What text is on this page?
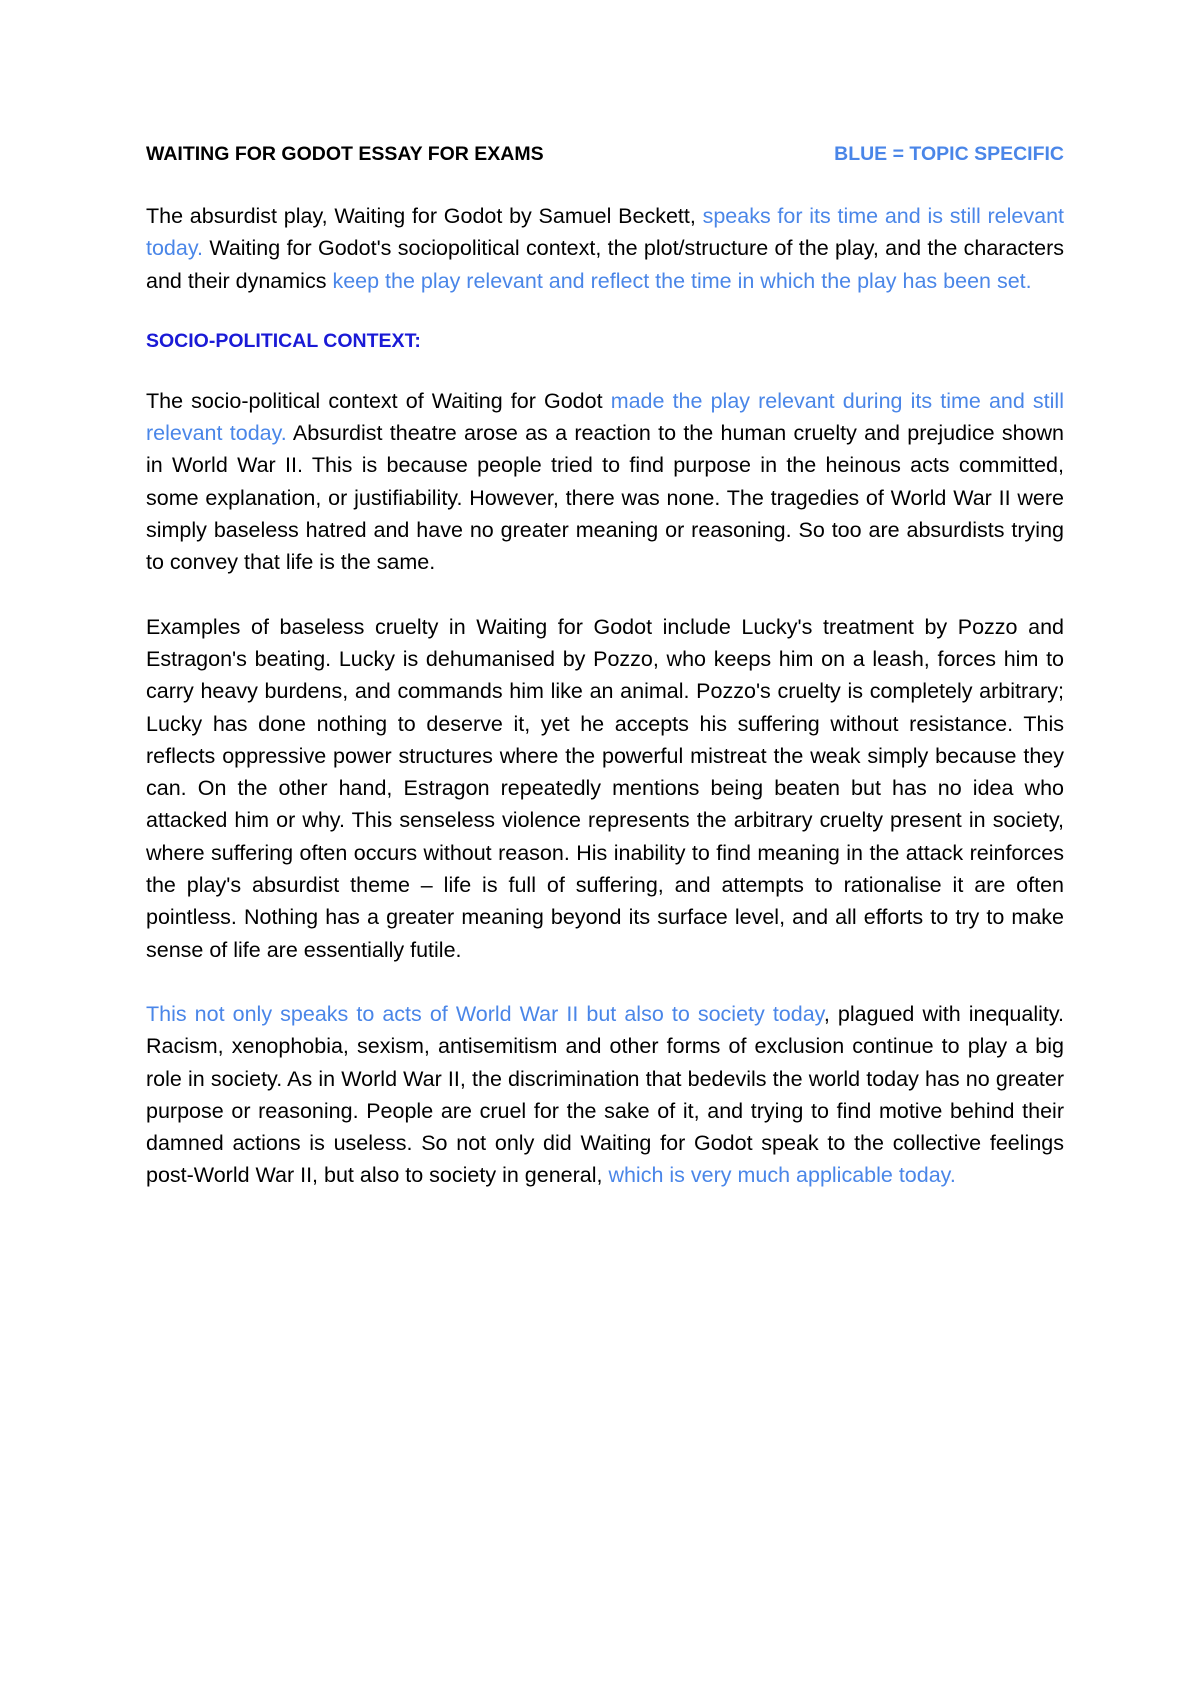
WAITING FOR GODOT ESSAY FOR EXAMS	BLUE = TOPIC SPECIFIC

The absurdist play, Waiting for Godot by Samuel Beckett, speaks for its time and is still relevant today. Waiting for Godot's sociopolitical context, the plot/structure of the play, and the characters and their dynamics keep the play relevant and reflect the time in which the play has been set.

SOCIO-POLITICAL CONTEXT:

The socio-political context of Waiting for Godot made the play relevant during its time and still relevant today. Absurdist theatre arose as a reaction to the human cruelty and prejudice shown in World War II. This is because people tried to find purpose in the heinous acts committed, some explanation, or justifiability. However, there was none. The tragedies of World War II were simply baseless hatred and have no greater meaning or reasoning. So too are absurdists trying to convey that life is the same.

Examples of baseless cruelty in Waiting for Godot include Lucky's treatment by Pozzo and Estragon's beating. Lucky is dehumanised by Pozzo, who keeps him on a leash, forces him to carry heavy burdens, and commands him like an animal. Pozzo's cruelty is completely arbitrary; Lucky has done nothing to deserve it, yet he accepts his suffering without resistance. This reflects oppressive power structures where the powerful mistreat the weak simply because they can. On the other hand, Estragon repeatedly mentions being beaten but has no idea who attacked him or why. This senseless violence represents the arbitrary cruelty present in society, where suffering often occurs without reason. His inability to find meaning in the attack reinforces the play's absurdist theme – life is full of suffering, and attempts to rationalise it are often pointless. Nothing has a greater meaning beyond its surface level, and all efforts to try to make sense of life are essentially futile.

This not only speaks to acts of World War II but also to society today, plagued with inequality. Racism, xenophobia, sexism, antisemitism and other forms of exclusion continue to play a big role in society. As in World War II, the discrimination that bedevils the world today has no greater purpose or reasoning. People are cruel for the sake of it, and trying to find motive behind their damned actions is useless. So not only did Waiting for Godot speak to the collective feelings post-World War II, but also to society in general, which is very much applicable today.
